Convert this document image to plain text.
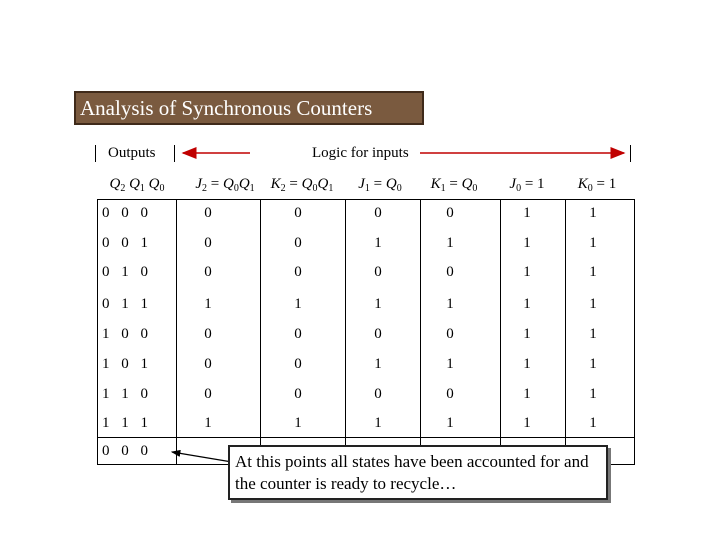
Analysis of Synchronous Counters
Outputs	Logic for inputs
$Q_2$ $Q_1$ $Q_0$	$J_2 = Q_0Q_1$	$K_2 = Q_0Q_1$	$J_1 = Q_0$	$K_1 = Q_0$	$J_0 = 1$	$K_0 = 1$
0 0 0	0	0	0	0	1	1
0 0 1	0	0	1	1	1	1
0 1 0	0	0	0	0	1	1
0 1 1	1	1	1	1	1	1
1 0 0	0	0	0	0	1	1
1 0 1	0	0	1	1	1	1
1 1 0	0	0	0	0	1	1
1 1 1	1	1	1	1	1	1
0 0 0
At this points all states have been accounted for and the counter is ready to recycle…
